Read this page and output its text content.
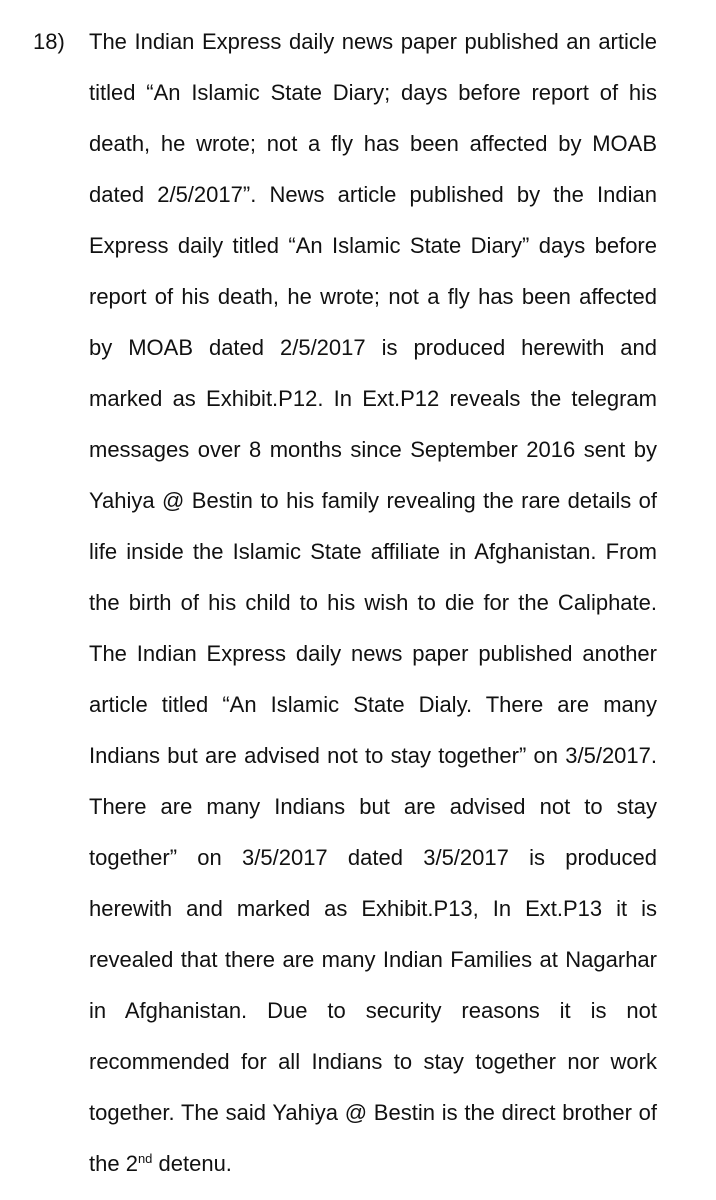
18) The Indian Express daily news paper published an article
titled “An Islamic State Diary; days before report of his
death, he wrote; not a fly has been affected by MOAB
dated 2/5/2017”. News article published by the Indian
Express daily titled “An Islamic State Diary” days before
report of his death, he wrote; not a fly has been affected
by MOAB dated 2/5/2017 is produced herewith and
marked as Exhibit.P12. In Ext.P12 reveals the telegram
messages over 8 months since September 2016 sent by
Yahiya @ Bestin to his family revealing the rare details of
life inside the Islamic State affiliate in Afghanistan. From
the birth of his child to his wish to die for the Caliphate.
The Indian Express daily news paper published another
article titled “An Islamic State Dialy. There are many
Indians but are advised not to stay together” on 3/5/2017.
There are many Indians but are advised not to stay
together” on 3/5/2017 dated 3/5/2017 is produced
herewith and marked as Exhibit.P13, In Ext.P13 it is
revealed that there are many Indian Families at Nagarhar
in Afghanistan. Due to security reasons it is not
recommended for all Indians to stay together nor work
together. The said Yahiya @ Bestin is the direct brother of
the 2nd detenu.
